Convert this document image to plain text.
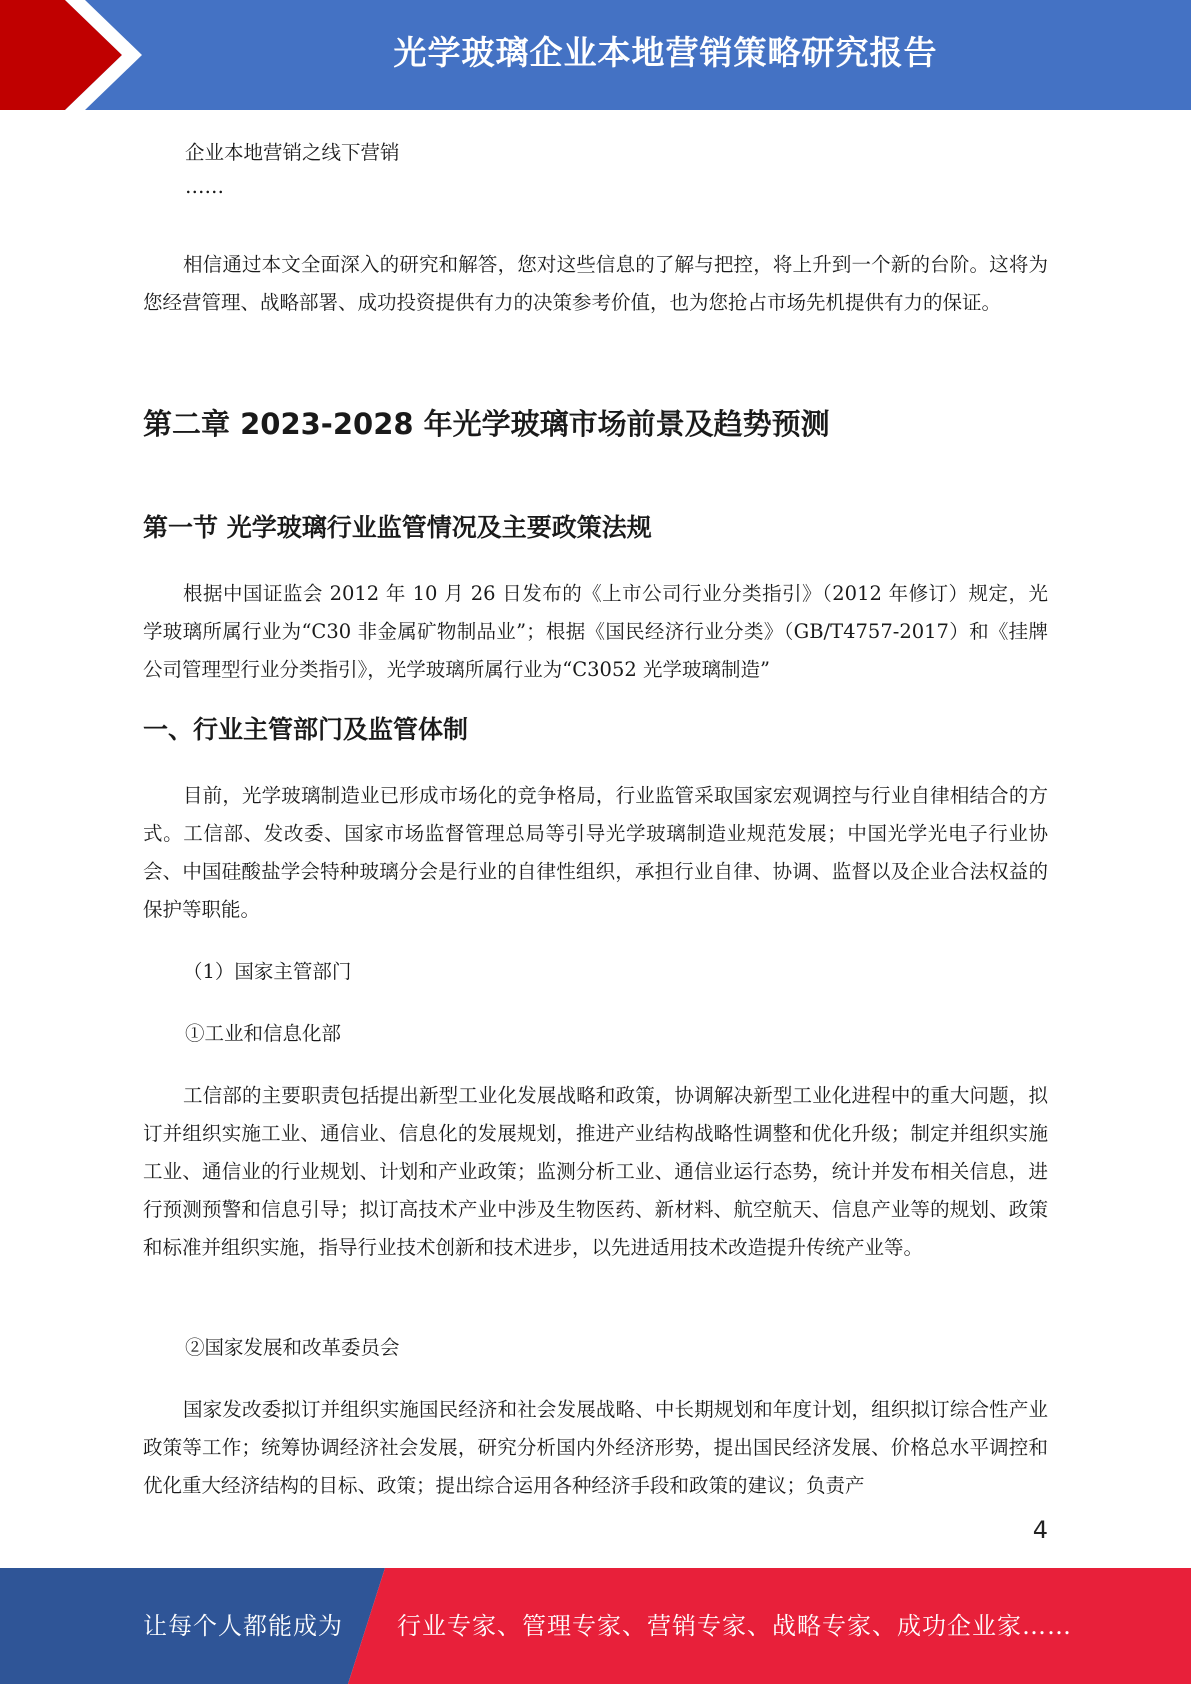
光学玻璃企业本地营销策略研究报告

企业本地营销之线下营销

……

相信通过本文全面深入的研究和解答，您对这些信息的了解与把控，将上升到一个新的台阶。这将为您经营管理、战略部署、成功投资提供有力的决策参考价值，也为您抢占市场先机提供有力的保证。

第二章 2023-2028 年光学玻璃市场前景及趋势预测
第一节 光学玻璃行业监管情况及主要政策法规

根据中国证监会 2012 年 10 月 26 日发布的《上市公司行业分类指引》（2012 年修订）规定，光学玻璃所属行业为“C30 非金属矿物制品业”；根据《国民经济行业分类》（GB/T4757-2017）和《挂牌公司管理型行业分类指引》，光学玻璃所属行业为“C3052 光学玻璃制造”

一、行业主管部门及监管体制

目前，光学玻璃制造业已形成市场化的竞争格局，行业监管采取国家宏观调控与行业自律相结合的方式。工信部、发改委、国家市场监督管理总局等引导光学玻璃制造业规范发展；中国光学光电子行业协会、中国硅酸盐学会特种玻璃分会是行业的自律性组织，承担行业自律、协调、监督以及企业合法权益的保护等职能。

（1）国家主管部门

①工业和信息化部

工信部的主要职责包括提出新型工业化发展战略和政策，协调解决新型工业化进程中的重大问题，拟订并组织实施工业、通信业、信息化的发展规划，推进产业结构战略性调整和优化升级；制定并组织实施工业、通信业的行业规划、计划和产业政策；监测分析工业、通信业运行态势，统计并发布相关信息，进行预测预警和信息引导；拟订高技术产业中涉及生物医药、新材料、航空航天、信息产业等的规划、政策和标准并组织实施，指导行业技术创新和技术进步，以先进适用技术改造提升传统产业等。

②国家发展和改革委员会

国家发改委拟订并组织实施国民经济和社会发展战略、中长期规划和年度计划，组织拟订综合性产业政策等工作；统筹协调经济社会发展，研究分析国内外经济形势，提出国民经济发展、价格总水平调控和优化重大经济结构的目标、政策；提出综合运用各种经济手段和政策的建议；负责产

4
让每个人都能成为 行业专家、管理专家、营销专家、战略专家、成功企业家……
